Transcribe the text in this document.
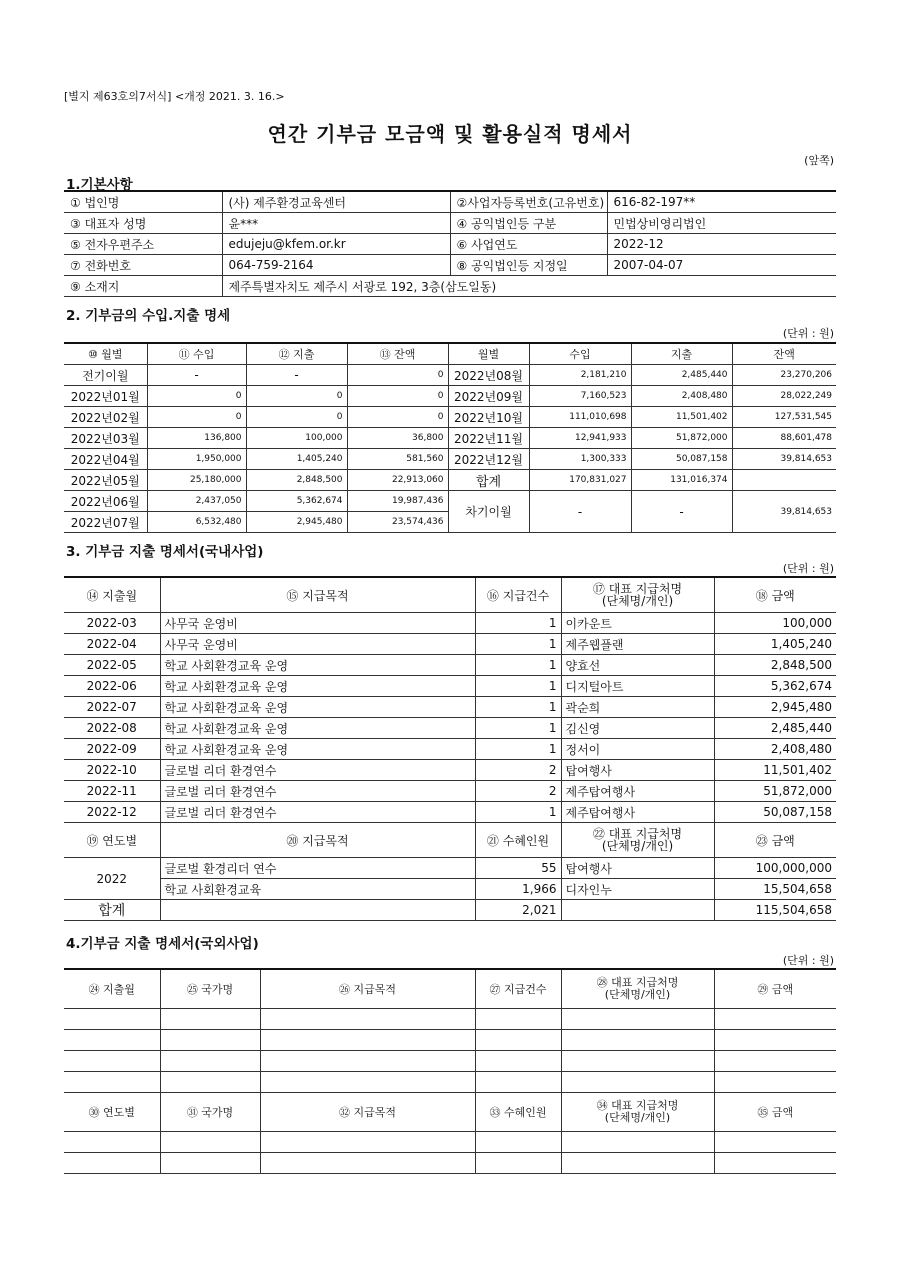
[별지 제63호의7서식] <개정 2021. 3. 16.>
연간 기부금 모금액 및 활용실적 명세서
(앞쪽)
1.기본사항
① 법인명	(사) 제주환경교육센터	②사업자등록번호(고유번호)	616-82-197**
③ 대표자 성명	윤***	④ 공익법인등 구분	민법상비영리법인
⑤ 전자우편주소	edujeju@kfem.or.kr	⑥ 사업연도	2022-12
⑦ 전화번호	064-759-2164	⑧ 공익법인등 지정일	2007-04-07
⑨ 소재지	제주특별자치도 제주시 서광로 192, 3층(삼도일동)		
2. 기부금의 수입.지출 명세
(단위 : 원)
⑩ 월별	⑪ 수입	⑫ 지출	⑬ 잔액	월별	수입	지출	잔액
전기이월	-	-	0	2022년08월	2,181,210	2,485,440	23,270,206
2022년01월	0	0	0	2022년09월	7,160,523	2,408,480	28,022,249
2022년02월	0	0	0	2022년10월	111,010,698	11,501,402	127,531,545
2022년03월	136,800	100,000	36,800	2022년11월	12,941,933	51,872,000	88,601,478
2022년04월	1,950,000	1,405,240	581,560	2022년12월	1,300,333	50,087,158	39,814,653
2022년05월	25,180,000	2,848,500	22,913,060	합계	170,831,027	131,016,374	
2022년06월	2,437,050	5,362,674	19,987,436	차기이월	-	-	39,814,653
2022년07월	6,532,480	2,945,480	23,574,436				
3. 기부금 지출 명세서(국내사업)
(단위 : 원)
⑭ 지출월	⑮ 지급목적	⑯ 지급건수	⑰ 대표 지급처명
(단체명/개인)	⑱ 금액
2022-03	사무국 운영비	1	이카운트	100,000
2022-04	사무국 운영비	1	제주웹플랜	1,405,240
2022-05	학교 사회환경교육 운영	1	양효선	2,848,500
2022-06	학교 사회환경교육 운영	1	디지털아트	5,362,674
2022-07	학교 사회환경교육 운영	1	곽순희	2,945,480
2022-08	학교 사회환경교육 운영	1	김신영	2,485,440
2022-09	학교 사회환경교육 운영	1	정서이	2,408,480
2022-10	글로벌 리더 환경연수	2	탑여행사	11,501,402
2022-11	글로벌 리더 환경연수	2	제주탑여행사	51,872,000
2022-12	글로벌 리더 환경연수	1	제주탑여행사	50,087,158
⑲ 연도별	⑳ 지급목적	㉑ 수혜인원	㉒ 대표 지급처명
(단체명/개인)	㉓ 금액
2022	글로벌 환경리더 연수	55	탑여행사	100,000,000
	학교 사회환경교육	1,966	디자인누	15,504,658
합계		2,021		115,504,658
4.기부금 지출 명세서(국외사업)
(단위 : 원)
㉔ 지출월	㉕ 국가명	㉖ 지급목적	㉗ 지급건수	㉘ 대표 지급처명
(단체명/개인)	㉙ 금액

㉚ 연도별	㉛ 국가명	㉜ 지급목적	㉝ 수혜인원	㉞ 대표 지급처명
(단체명/개인)	㉟ 금액
